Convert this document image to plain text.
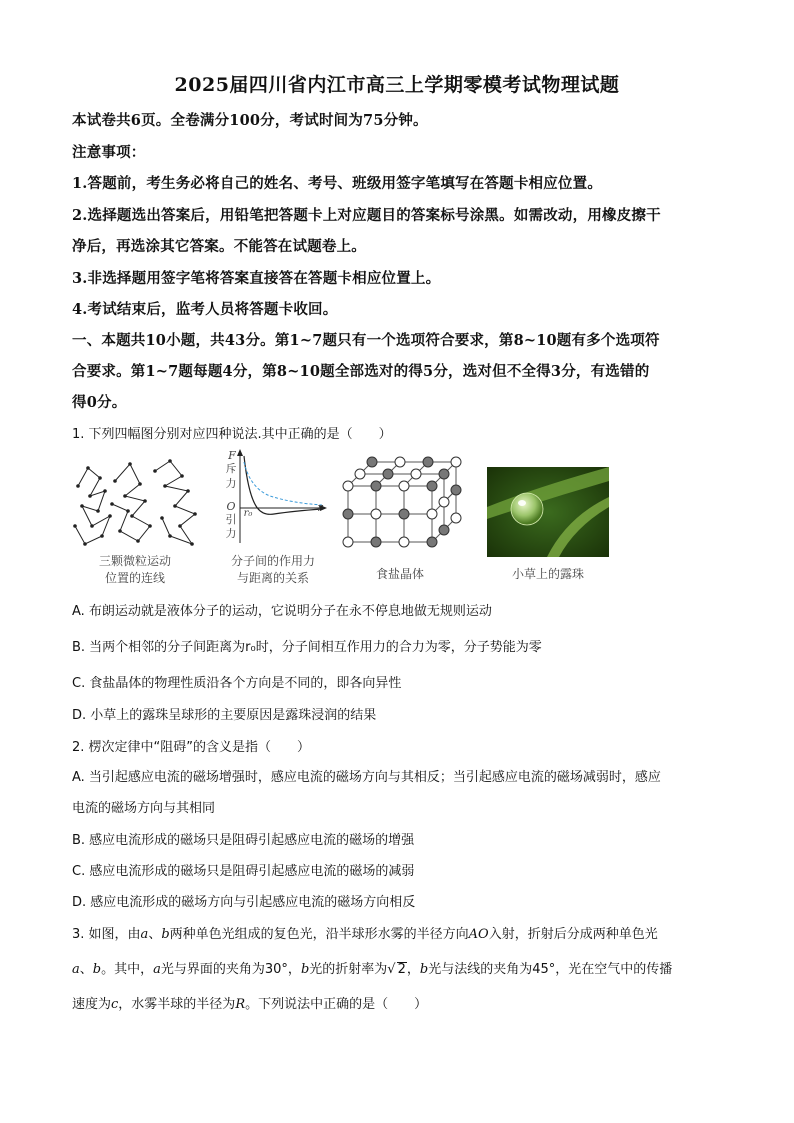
2025届四川省内江市高三上学期零模考试物理试题
本试卷共6页。全卷满分100分，考试时间为75分钟。
注意事项：
1.答题前，考生务必将自己的姓名、考号、班级用签字笔填写在答题卡相应位置。
2.选择题选出答案后，用铅笔把答题卡上对应题目的答案标号涂黑。如需改动，用橡皮擦干
净后，再选涂其它答案。不能答在试题卷上。
3.非选择题用签字笔将答案直接答在答题卡相应位置上。
4.考试结束后，监考人员将答题卡收回。
一、本题共10小题，共43分。第1~7题只有一个选项符合要求，第8~10题有多个选项符
合要求。第1~7题每题4分，第8~10题全部选对的得5分，选对但不全得3分，有选错的
得0分。
1. 下列四幅图分别对应四种说法.其中正确的是（　　）
三颗微粒运动
位置的连线
F
斥
力
O
引
力
r₀	r
分子间的作用力
与距离的关系	食盐晶体	小草上的露珠
A. 布朗运动就是液体分子的运动，它说明分子在永不停息地做无规则运动
B. 当两个相邻的分子间距离为r₀时，分子间相互作用力的合力为零，分子势能为零
C. 食盐晶体的物理性质沿各个方向是不同的，即各向异性
D. 小草上的露珠呈球形的主要原因是露珠浸润的结果
2. 楞次定律中“阻碍”的含义是指（　　）
A. 当引起感应电流的磁场增强时，感应电流的磁场方向与其相反；当引起感应电流的磁场减弱时，感应
电流的磁场方向与其相同
B. 感应电流形成的磁场只是阻碍引起感应电流的磁场的增强
C. 感应电流形成的磁场只是阻碍引起感应电流的磁场的减弱
D. 感应电流形成的磁场方向与引起感应电流的磁场方向相反
3. 如图，由a、b两种单色光组成的复色光，沿半球形水雾的半径方向AO入射，折射后分成两种单色光
a、b。其中，a光与界面的夹角为30°，b光的折射率为√ 2，b光与法线的夹角为45°，光在空气中的传播
速度为c，水雾半球的半径为R。下列说法中正确的是（　　）
